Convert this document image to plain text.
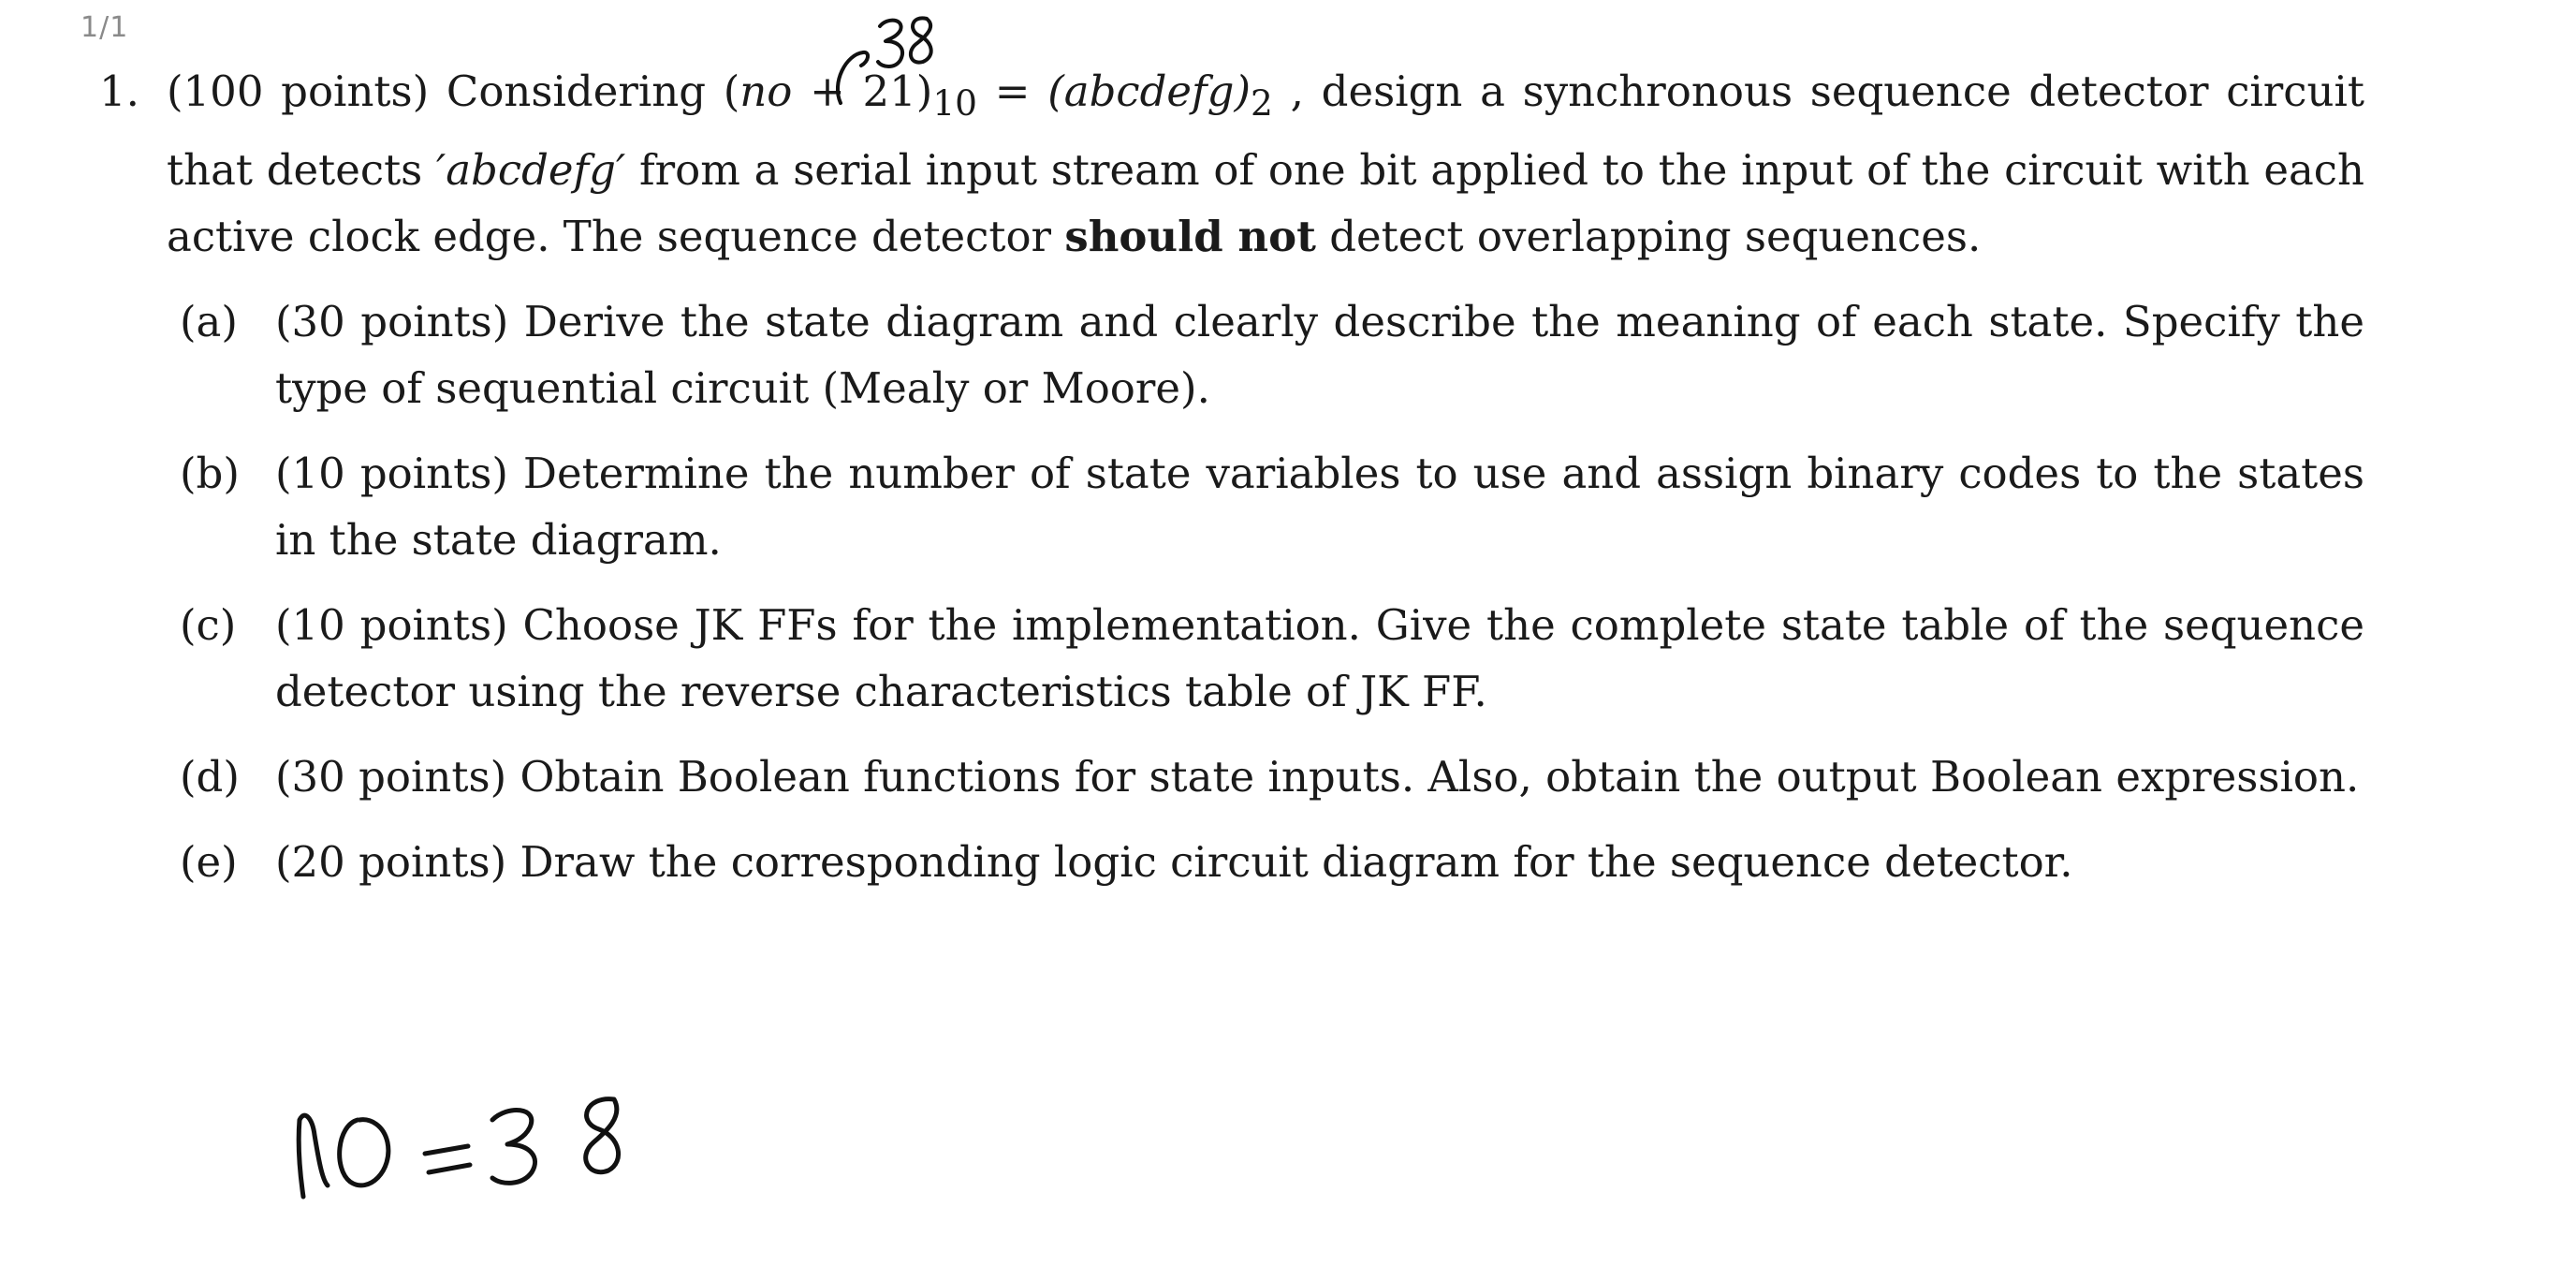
1/1
1. (100 points) Considering $(no + 21)_{10}$ = $(abcdefg)_2$ , design a synchronous sequence detector circuit that detects ′abcdefg′ from a serial input stream of one bit applied to the input of the circuit with each active clock edge. The sequence detector should not detect overlapping sequences.
(a) (30 points) Derive the state diagram and clearly describe the meaning of each state. Specify the type of sequential circuit (Mealy or Moore).
(b) (10 points) Determine the number of state variables to use and assign binary codes to the states in the state diagram.
(c) (10 points) Choose JK FFs for the implementation. Give the complete state table of the sequence detector using the reverse characteristics table of JK FF.
(d) (30 points) Obtain Boolean functions for state inputs. Also, obtain the output Boolean expression.
(e) (20 points) Draw the corresponding logic circuit diagram for the sequence detector.
